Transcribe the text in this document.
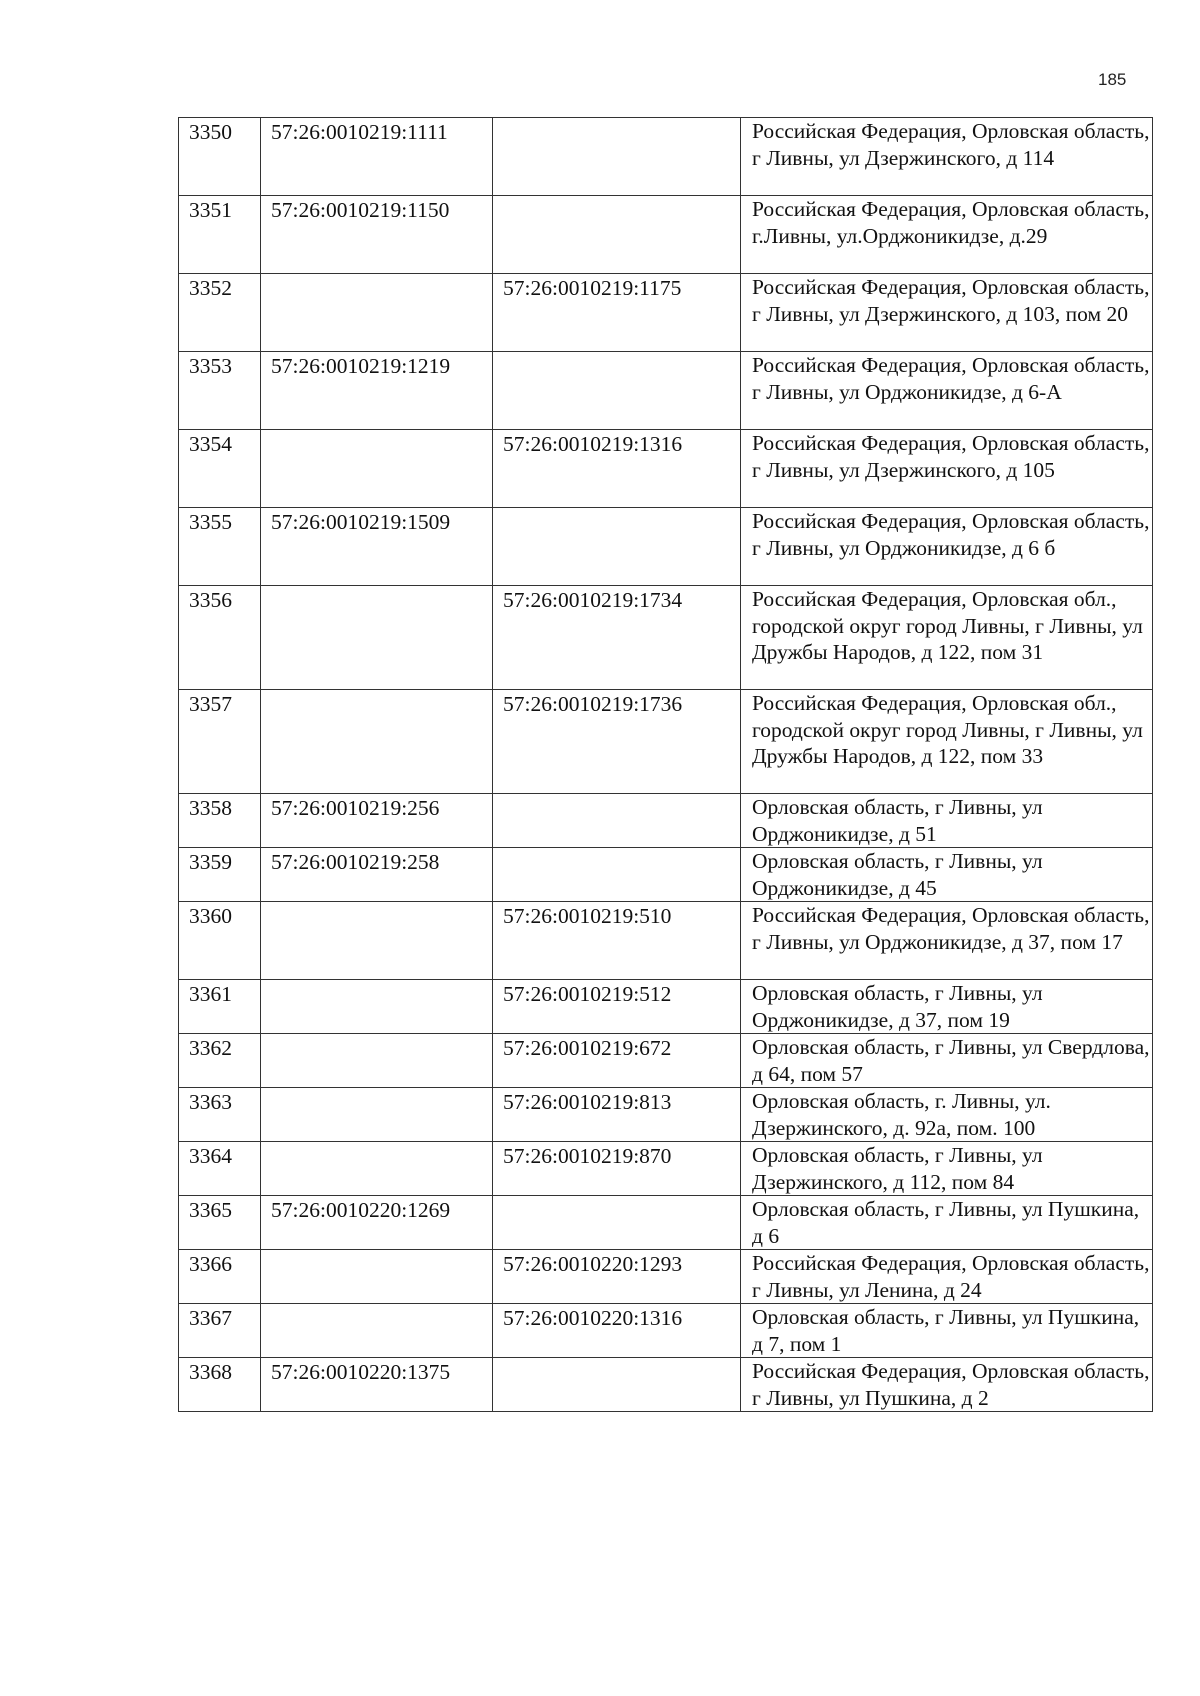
185
3350	57:26:0010219:1111		Российская Федерация, Орловская область, г Ливны, ул Дзержинского, д 114
3351	57:26:0010219:1150		Российская Федерация, Орловская область, г.Ливны, ул.Орджоникидзе, д.29
3352		57:26:0010219:1175	Российская Федерация, Орловская область, г Ливны, ул Дзержинского, д 103, пом 20
3353	57:26:0010219:1219		Российская Федерация, Орловская область, г Ливны, ул Орджоникидзе, д 6-А
3354		57:26:0010219:1316	Российская Федерация, Орловская область, г Ливны, ул Дзержинского, д 105
3355	57:26:0010219:1509		Российская Федерация, Орловская область, г Ливны, ул Орджоникидзе, д 6 б
3356		57:26:0010219:1734	Российская Федерация, Орловская обл., городской округ город Ливны, г Ливны, ул Дружбы Народов, д 122, пом 31
3357		57:26:0010219:1736	Российская Федерация, Орловская обл., городской округ город Ливны, г Ливны, ул Дружбы Народов, д 122, пом 33
3358	57:26:0010219:256		Орловская область, г Ливны, ул Орджоникидзе, д 51
3359	57:26:0010219:258		Орловская область, г Ливны, ул Орджоникидзе, д 45
3360		57:26:0010219:510	Российская Федерация, Орловская область, г Ливны, ул Орджоникидзе, д 37, пом 17
3361		57:26:0010219:512	Орловская область, г Ливны, ул Орджоникидзе, д 37, пом 19
3362		57:26:0010219:672	Орловская область, г Ливны, ул Свердлова, д 64, пом 57
3363		57:26:0010219:813	Орловская область, г. Ливны, ул. Дзержинского, д. 92а, пом. 100
3364		57:26:0010219:870	Орловская область, г Ливны, ул Дзержинского, д 112, пом 84
3365	57:26:0010220:1269		Орловская область, г Ливны, ул Пушкина, д 6
3366		57:26:0010220:1293	Российская Федерация, Орловская область, г Ливны, ул Ленина, д 24
3367		57:26:0010220:1316	Орловская область, г Ливны, ул Пушкина, д 7, пом 1
3368	57:26:0010220:1375		Российская Федерация, Орловская область, г Ливны, ул Пушкина, д 2
